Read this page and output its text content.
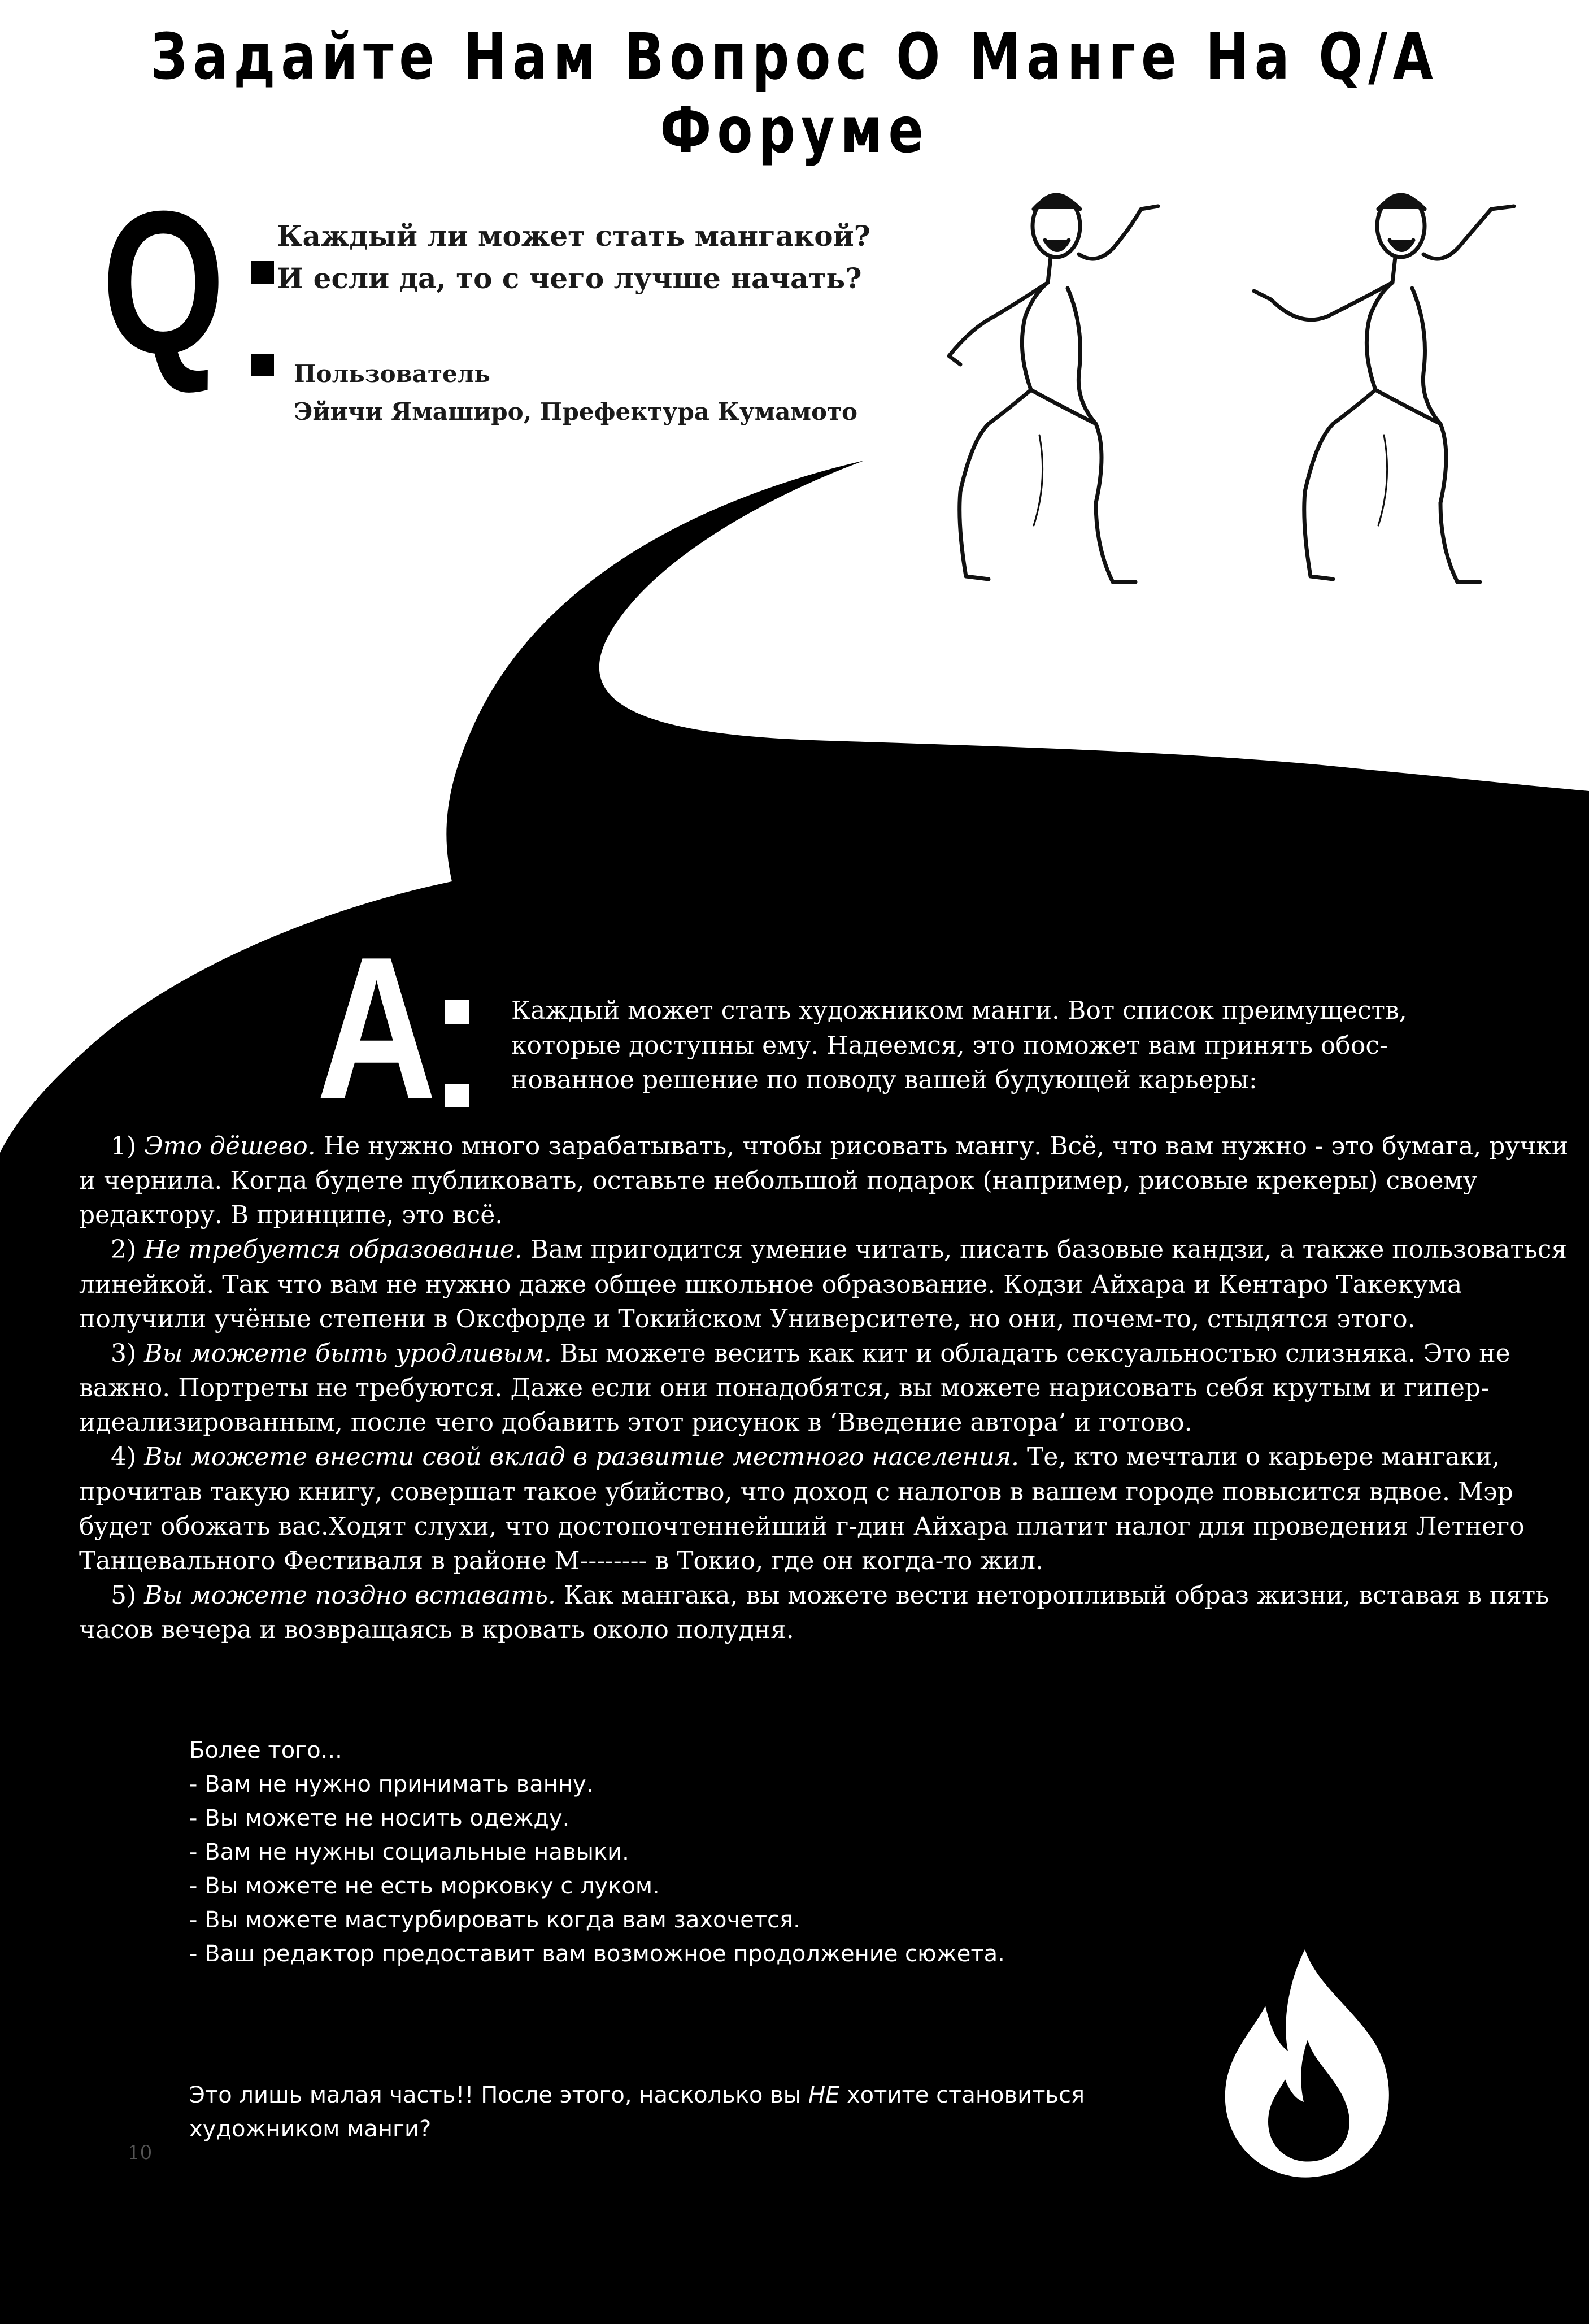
Задайте Нам Вопрос О Манге На Q/A Форуме
Q Каждый ли может стать мангакой?
И если да, то с чего лучше начать?
Пользователь
Эйичи Ямаширо, Префектура Кумамото
A	Каждый может стать художником манги. Вот список преимуществ,
которые доступны ему. Надеемся, это поможет вам принять обос-
нованное решение по поводу вашей будующей карьеры:

1) Это дёшево. Не нужно много зарабатывать, чтобы рисовать мангу. Всё, что вам нужно - это бумага, ручки и чернила. Когда будете публиковать, оставьте небольшой подарок (например, рисовые крекеры) своему редактору. В принципе, это всё.

2) Не требуется образование. Вам пригодится умение читать, писать базовые кандзи, а также пользоваться линейкой. Так что вам не нужно даже общее школьное образование. Кодзи Айхара и Кентаро Такекума получили учёные степени в Оксфорде и Токийском Университете, но они, почем-то, стыдятся этого.

3) Вы можете быть уродливым. Вы можете весить как кит и обладать сексуальностью слизняка. Это не важно. Портреты не требуются. Даже если они понадобятся, вы можете нарисовать себя крутым и гипер-идеализированным, после чего добавить этот рисунок в ‘Введение автора’ и готово.

4) Вы можете внести свой вклад в развитие местного населения. Те, кто мечтали о карьере мангаки, прочитав такую книгу, совершат такое убийство, что доход с налогов в вашем городе повысится вдвое. Мэр будет обожать вас.Ходят слухи, что достопочтеннейший г-дин Айхара платит налог для проведения Летнего Танцевального Фестиваля в районе М-------- в Токио, где он когда-то жил.

5) Вы можете поздно вставать. Как мангака, вы можете вести неторопливый образ жизни, вставая в пять часов вечера и возвращаясь в кровать около полудня.

Более того...
- Вам не нужно принимать ванну.
- Вы можете не носить одежду.
- Вам не нужны социальные навыки.
- Вы можете не есть морковку с луком.
- Вы можете мастурбировать когда вам захочется.
- Ваш редактор предоставит вам возможное продолжение сюжета.
Это лишь малая часть!! После этого, насколько вы НЕ хотите становиться художником манги?
10
